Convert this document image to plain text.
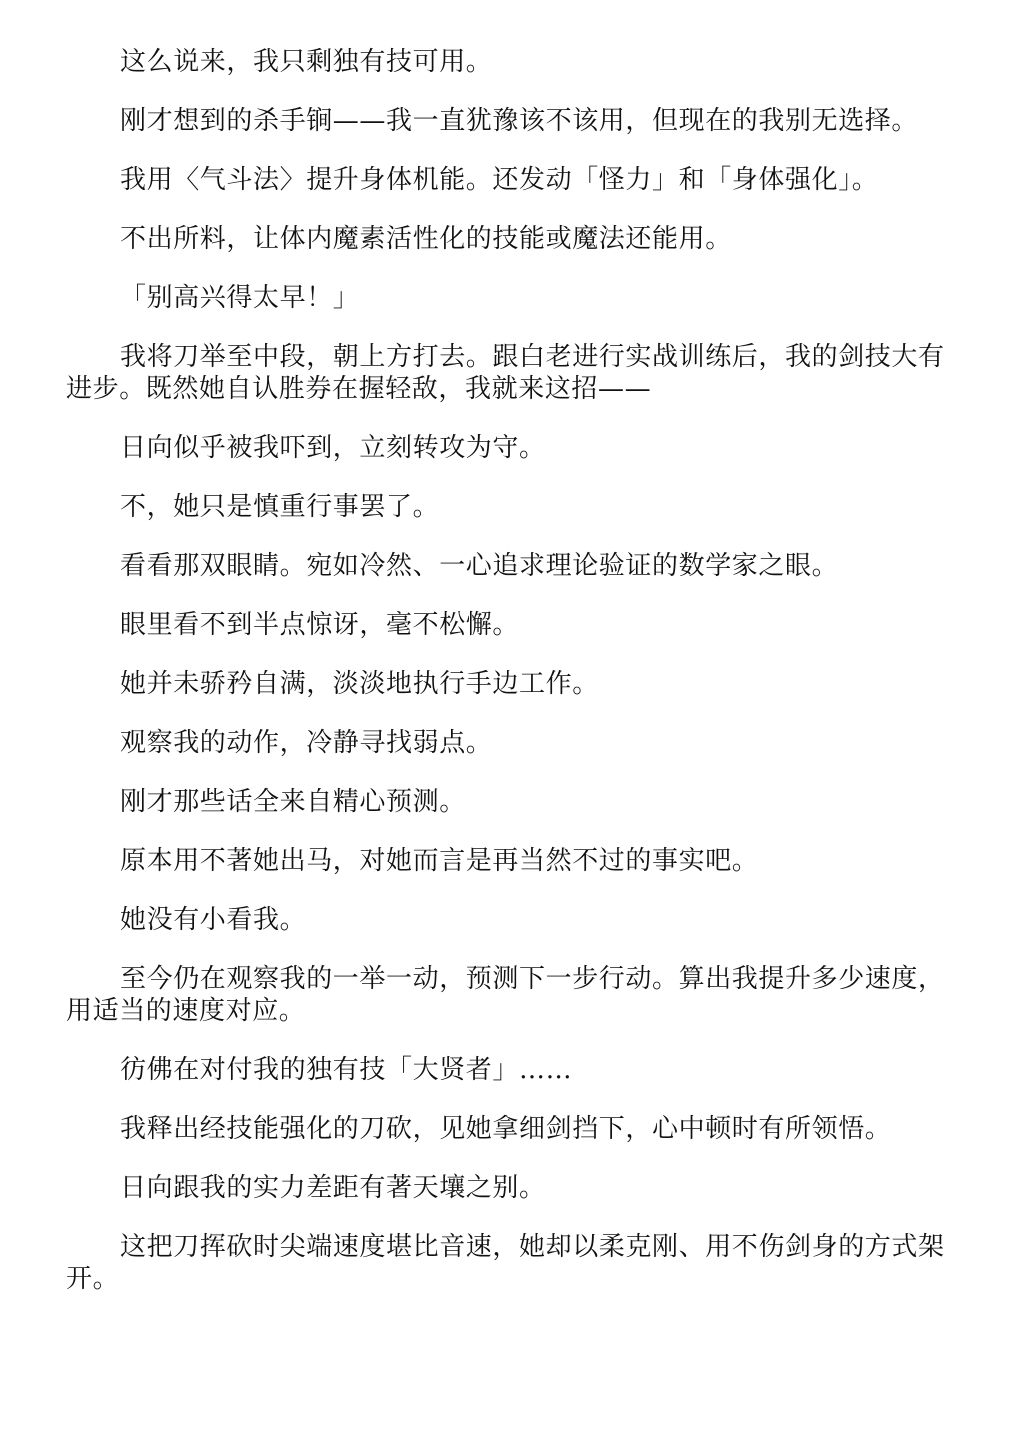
这么说来，我只剩独有技可用。

刚才想到的杀手锏——我一直犹豫该不该用，但现在的我别无选择。

我用〈气斗法〉提升身体机能。还发动「怪力」和「身体强化」。

不出所料，让体内魔素活性化的技能或魔法还能用。

「别高兴得太早！」

我将刀举至中段，朝上方打去。跟白老进行实战训练后，我的剑技大有进步。既然她自认胜券在握轻敌，我就来这招——

日向似乎被我吓到，立刻转攻为守。

不，她只是慎重行事罢了。

看看那双眼睛。宛如冷然、一心追求理论验证的数学家之眼。

眼里看不到半点惊讶，毫不松懈。

她并未骄矜自满，淡淡地执行手边工作。

观察我的动作，冷静寻找弱点。

刚才那些话全来自精心预测。

原本用不著她出马，对她而言是再当然不过的事实吧。

她没有小看我。

至今仍在观察我的一举一动，预测下一步行动。算出我提升多少速度，用适当的速度对应。

彷佛在对付我的独有技「大贤者」……

我释出经技能强化的刀砍，见她拿细剑挡下，心中顿时有所领悟。

日向跟我的实力差距有著天壤之别。

这把刀挥砍时尖端速度堪比音速，她却以柔克刚、用不伤剑身的方式架开。
